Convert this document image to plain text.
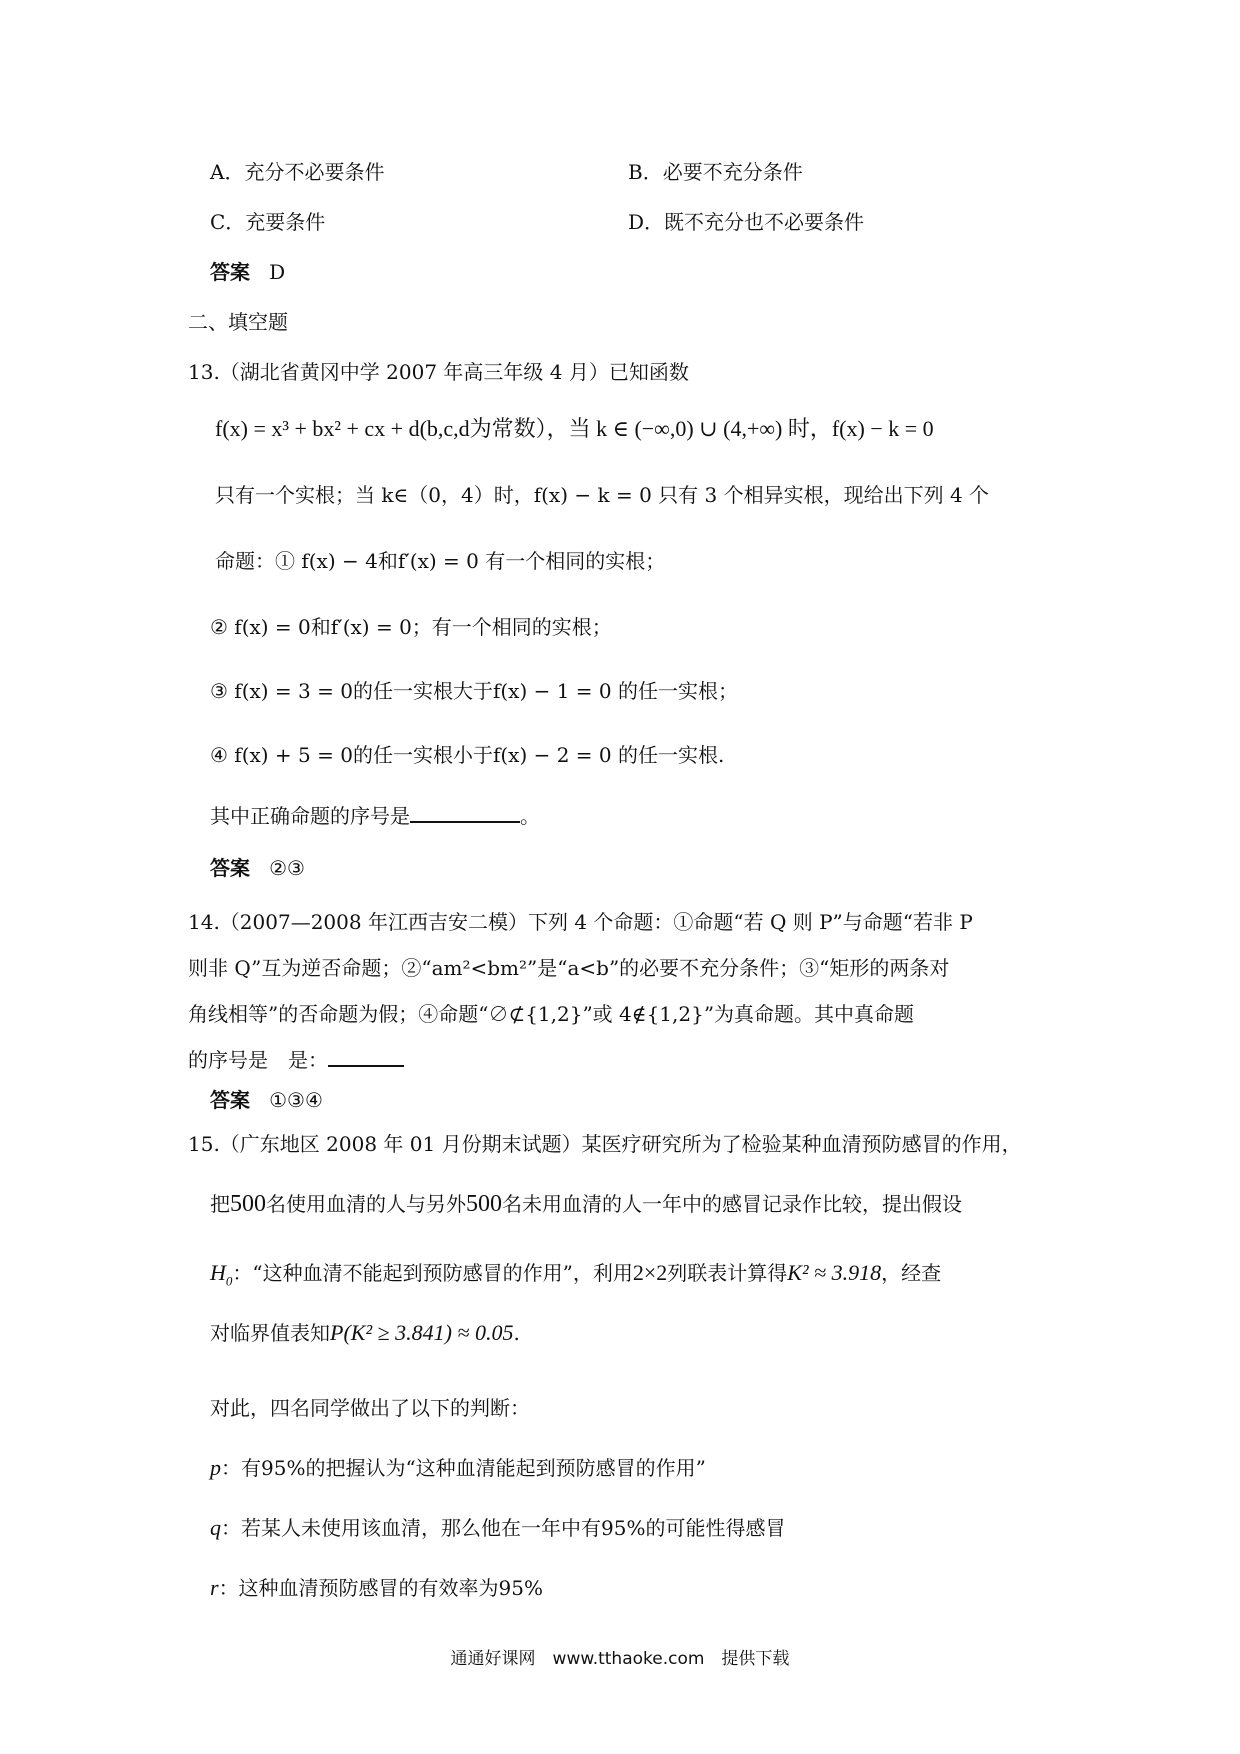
A．充分不必要条件	B．必要不充分条件
C．充要条件	D．既不充分也不必要条件
答案 D
二、填空题
13.（湖北省黄冈中学 2007 年高三年级 4 月）已知函数
f(x) = x³ + bx² + cx + d(b,c,d为常数），当 k ∈ (−∞,0) ∪ (4,+∞) 时，f(x) − k = 0
只有一个实根；当 k∈（0，4）时，f(x) − k = 0 只有 3 个相异实根，现给出下列 4 个
命题：① f(x) − 4和f′(x) = 0 有一个相同的实根；
② f(x) = 0和f′(x) = 0；有一个相同的实根；
③ f(x) = 3 = 0的任一实根大于f(x) − 1 = 0 的任一实根；
④ f(x) + 5 = 0的任一实根小于f(x) − 2 = 0 的任一实根.
其中正确命题的序号是	。
答案 ②③
14.（2007—2008 年江西吉安二模）下列 4 个命题：①命题“若 Q 则 P”与命题“若非 P
则非 Q”互为逆否命题；②“am²<bm²”是“a<b”的必要不充分条件；③“矩形的两条对
角线相等”的否命题为假；④命题“∅⊄{1,2}”或 4∉{1,2}”为真命题。其中真命题
的序号是　是：
答案 ①③④
15.（广东地区 2008 年 01 月份期末试题）某医疗研究所为了检验某种血清预防感冒的作用，
把500名使用血清的人与另外500名未用血清的人一年中的感冒记录作比较，提出假设
$H_0$：“这种血清不能起到预防感冒的作用”，利用2×2列联表计算得K² ≈ 3.918，经查
对临界值表知P(K² ≥ 3.841) ≈ 0.05.
对此，四名同学做出了以下的判断：
p：有95%的把握认为“这种血清能起到预防感冒的作用”
q：若某人未使用该血清，那么他在一年中有95%的可能性得感冒
r：这种血清预防感冒的有效率为95%
通通好课网　www.tthaoke.com　提供下载
